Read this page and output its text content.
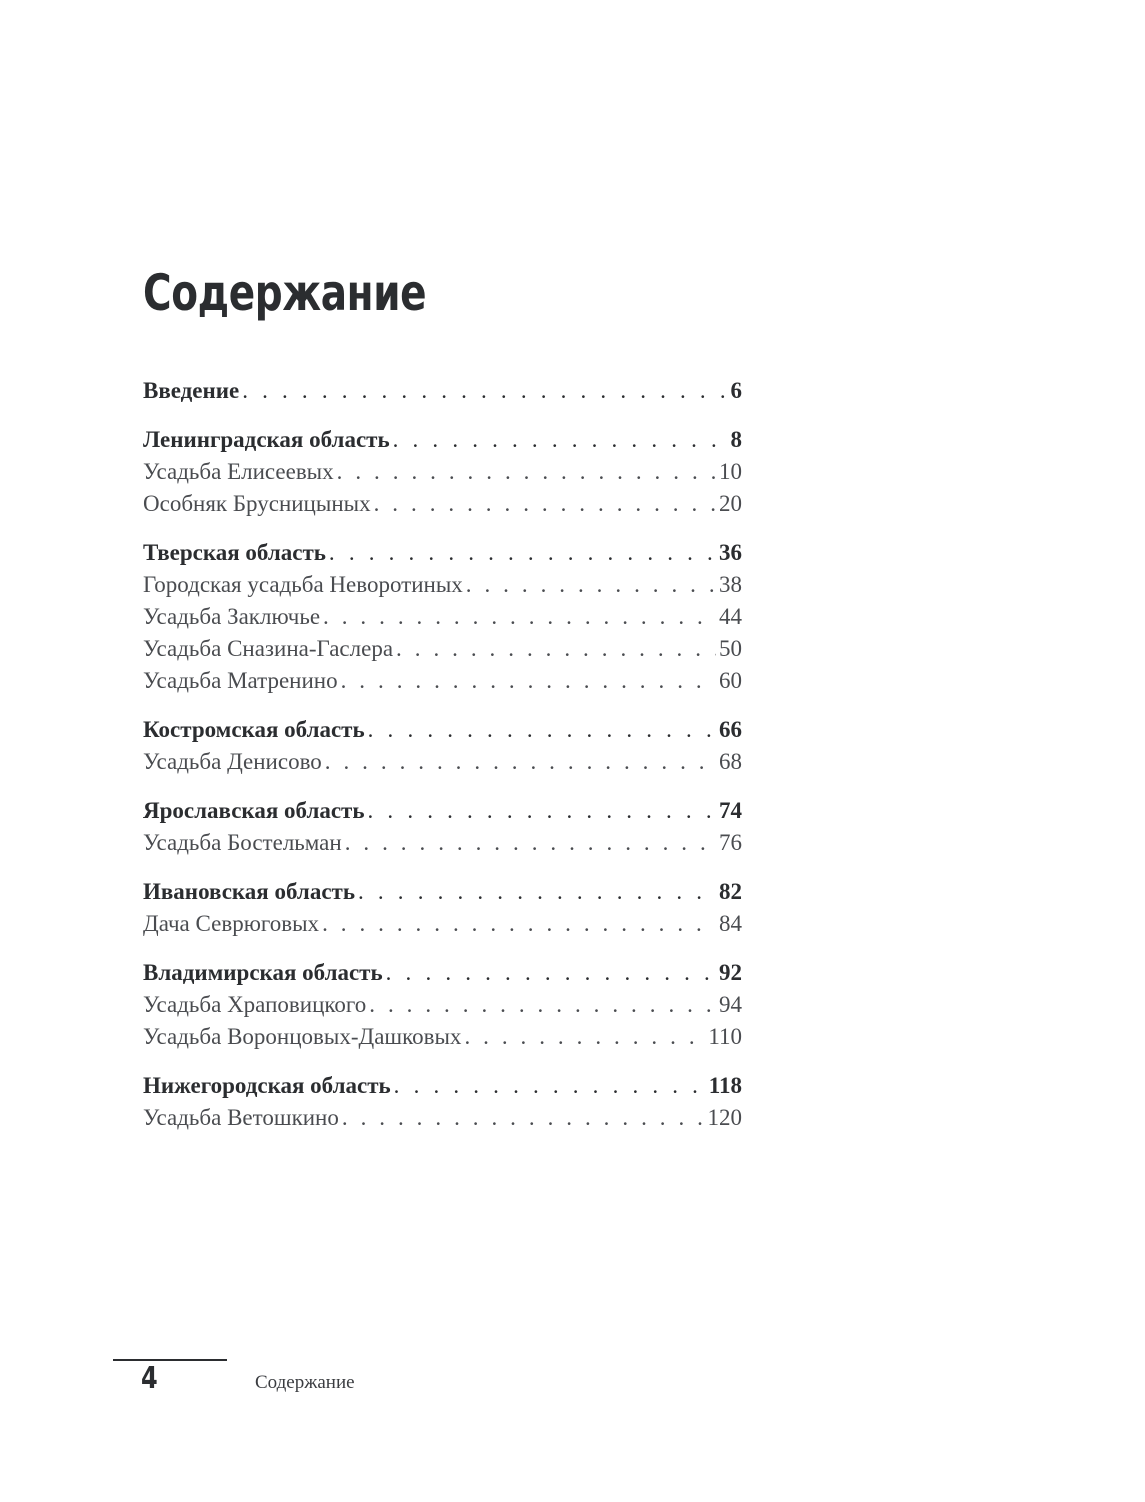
Содержание
Введение . . .	6
Ленинградская область . . .	8
Усадьба Елисеевых . . .	10
Особняк Брусницыных . . .	20
Тверская область . . .	36
Городская усадьба Неворотиных . . .	38
Усадьба Заключье . . .	44
Усадьба Сназина-Гаслера . . .	50
Усадьба Матренино . . .	60
Костромская область . . .	66
Усадьба Денисово . . .	68
Ярославская область . . .	74
Усадьба Бостельман . . .	76
Ивановская область . . .	82
Дача Севрюговых . . .	84
Владимирская область . . .	92
Усадьба Храповицкого . . .	94
Усадьба Воронцовых-Дашковых . . .	110
Нижегородская область . . .	118
Усадьба Ветошкино . . .	120
4	Содержание
